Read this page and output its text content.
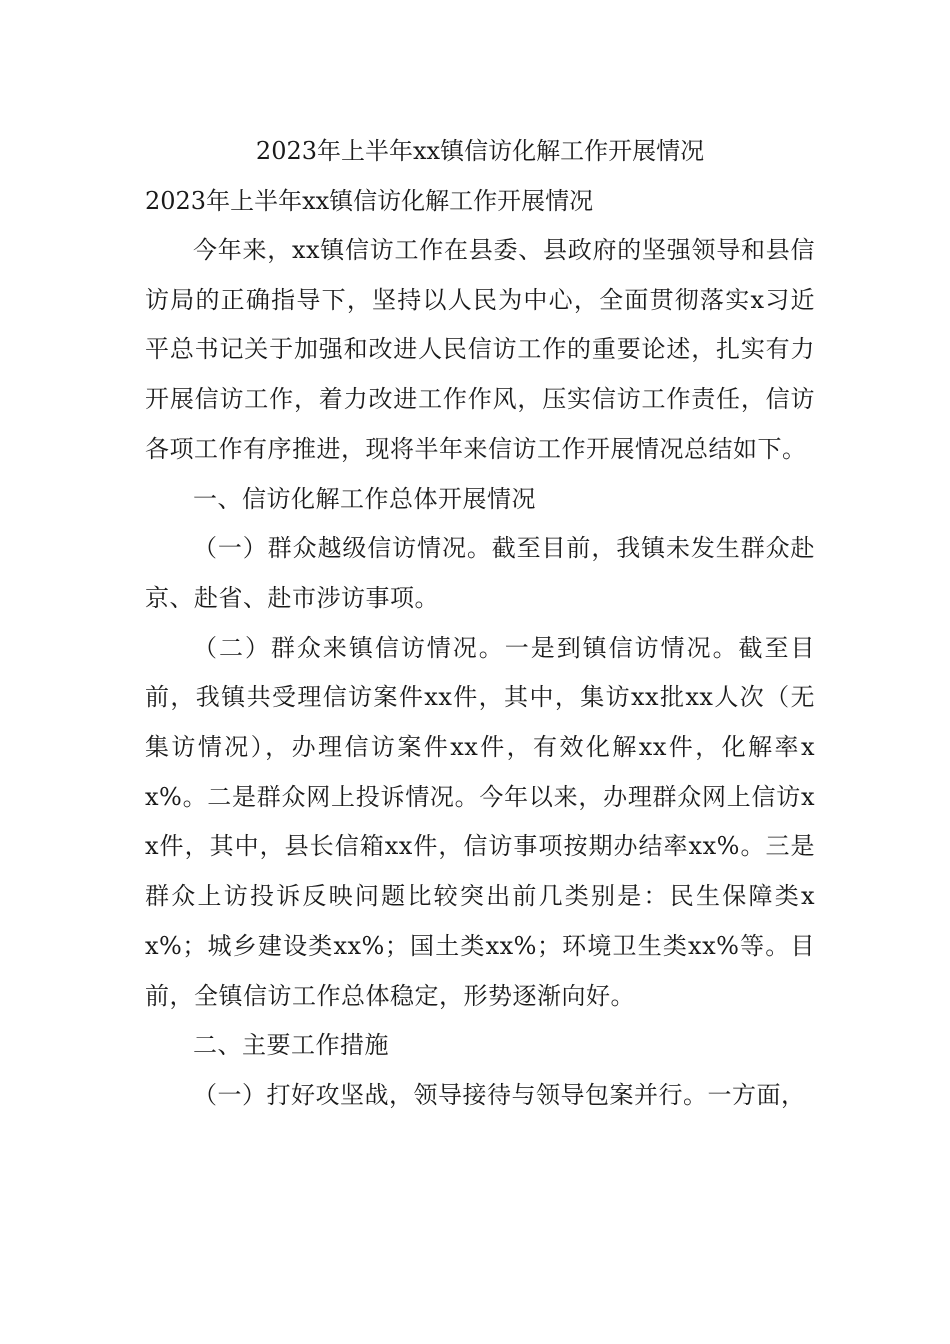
2023年上半年xx镇信访化解工作开展情况
2023年上半年xx镇信访化解工作开展情况

今年来，xx镇信访工作在县委、县政府的坚强领导和县信访局的正确指导下，坚持以人民为中心，全面贯彻落实x习近平总书记关于加强和改进人民信访工作的重要论述，扎实有力开展信访工作，着力改进工作作风，压实信访工作责任，信访各项工作有序推进，现将半年来信访工作开展情况总结如下。

一、信访化解工作总体开展情况

（一）群众越级信访情况。截至目前，我镇未发生群众赴京、赴省、赴市涉访事项。

（二）群众来镇信访情况。一是到镇信访情况。截至目前，我镇共受理信访案件xx件，其中，集访xx批xx人次（无集访情况），办理信访案件xx件，有效化解xx件，化解率xx%。二是群众网上投诉情况。今年以来，办理群众网上信访xx件，其中，县长信箱xx件，信访事项按期办结率xx%。三是群众上访投诉反映问题比较突出前几类别是：民生保障类xx%；城乡建设类xx%；国土类xx%；环境卫生类xx%等。目前，全镇信访工作总体稳定，形势逐渐向好。

二、主要工作措施

（一）打好攻坚战，领导接待与领导包案并行。一方面，
